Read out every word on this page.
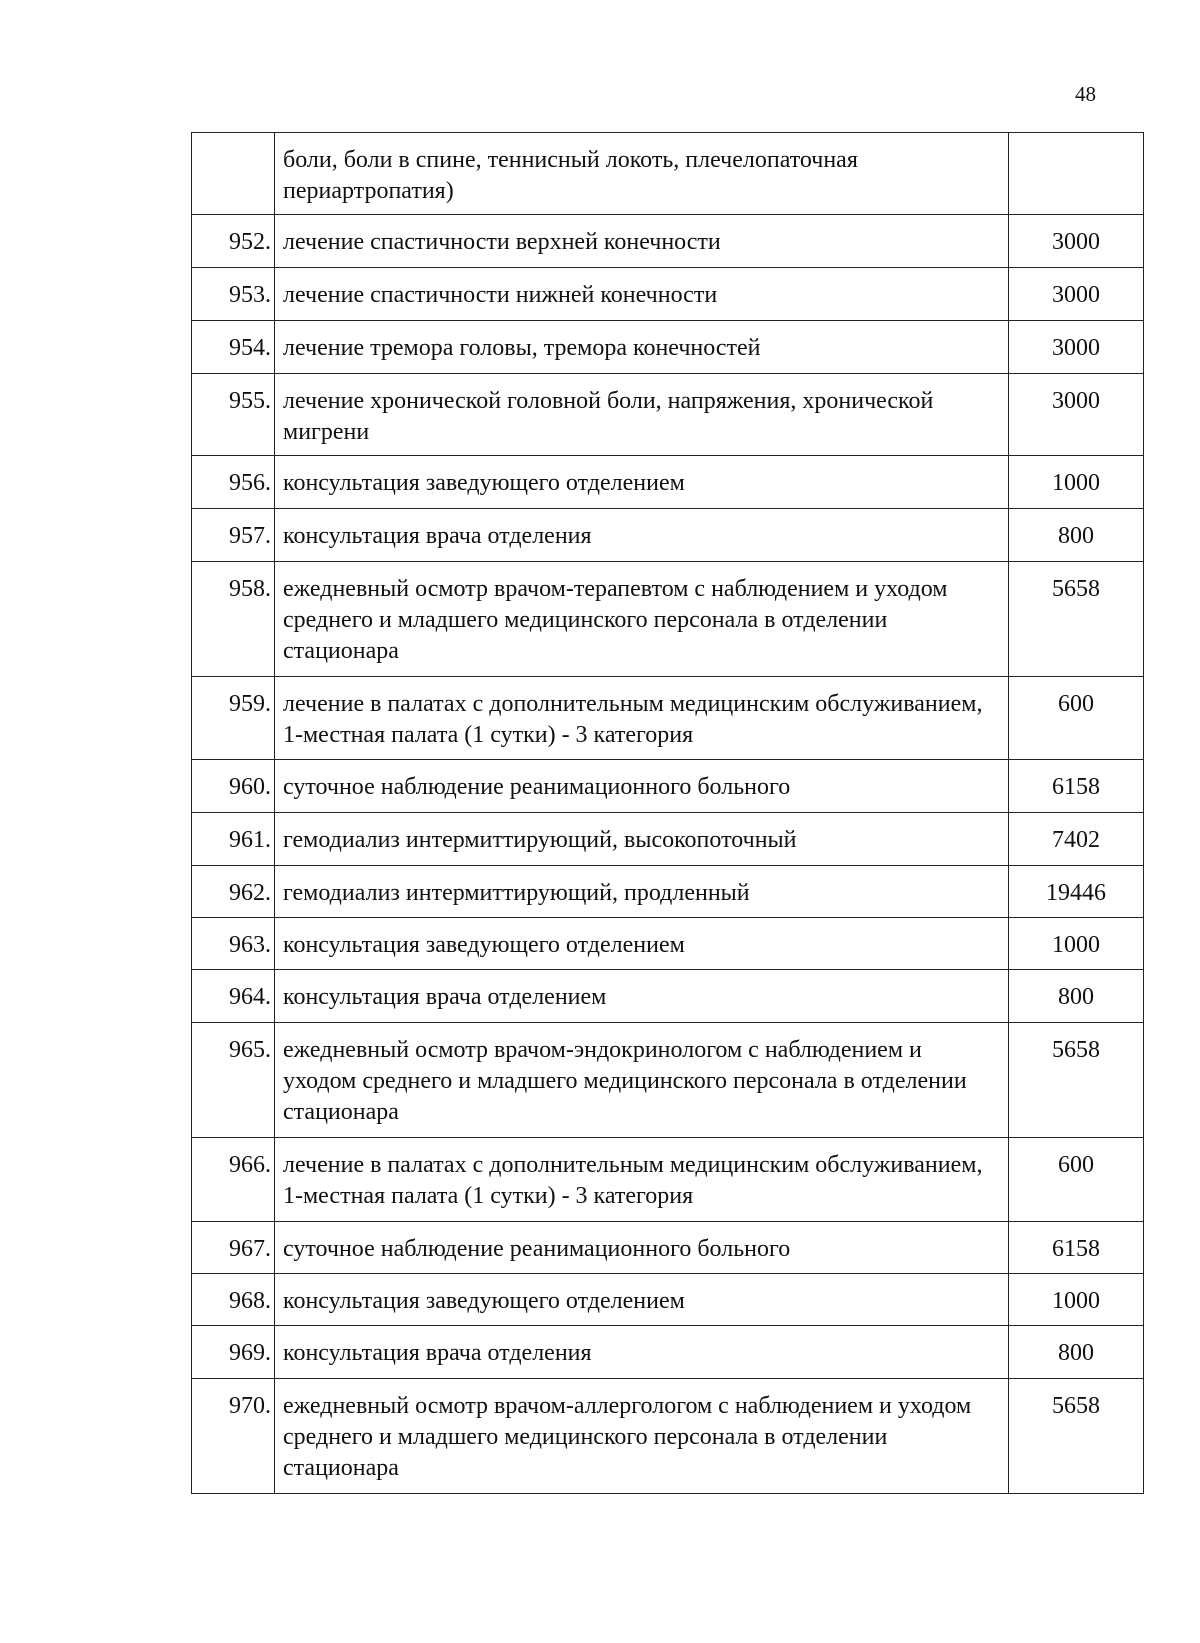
48
	боли, боли в спине, теннисный локоть, плечелопаточная периартропатия)	
952.	лечение спастичности верхней конечности	3000
953.	лечение спастичности нижней конечности	3000
954.	лечение тремора головы, тремора конечностей	3000
955.	лечение хронической головной боли, напряжения, хронической мигрени	3000
956.	консультация заведующего отделением	1000
957.	консультация врача отделения	800
958.	ежедневный осмотр врачом-терапевтом с наблюдением и уходом среднего и младшего медицинского персонала в отделении стационара	5658
959.	лечение в палатах с дополнительным медицинским обслуживанием, 1-местная палата (1 сутки) - 3 категория	600
960.	суточное наблюдение реанимационного больного	6158
961.	гемодиализ интермиттирующий, высокопоточный	7402
962.	гемодиализ интермиттирующий, продленный	19446
963.	консультация заведующего отделением	1000
964.	консультация врача отделением	800
965.	ежедневный осмотр врачом-эндокринологом с наблюдением и уходом среднего и младшего медицинского персонала в отделении стационара	5658
966.	лечение в палатах с дополнительным медицинским обслуживанием, 1-местная палата (1 сутки) - 3 категория	600
967.	суточное наблюдение реанимационного больного	6158
968.	консультация заведующего отделением	1000
969.	консультация врача отделения	800
970.	ежедневный осмотр врачом-аллергологом с наблюдением и уходом среднего и младшего медицинского персонала в отделении стационара	5658
